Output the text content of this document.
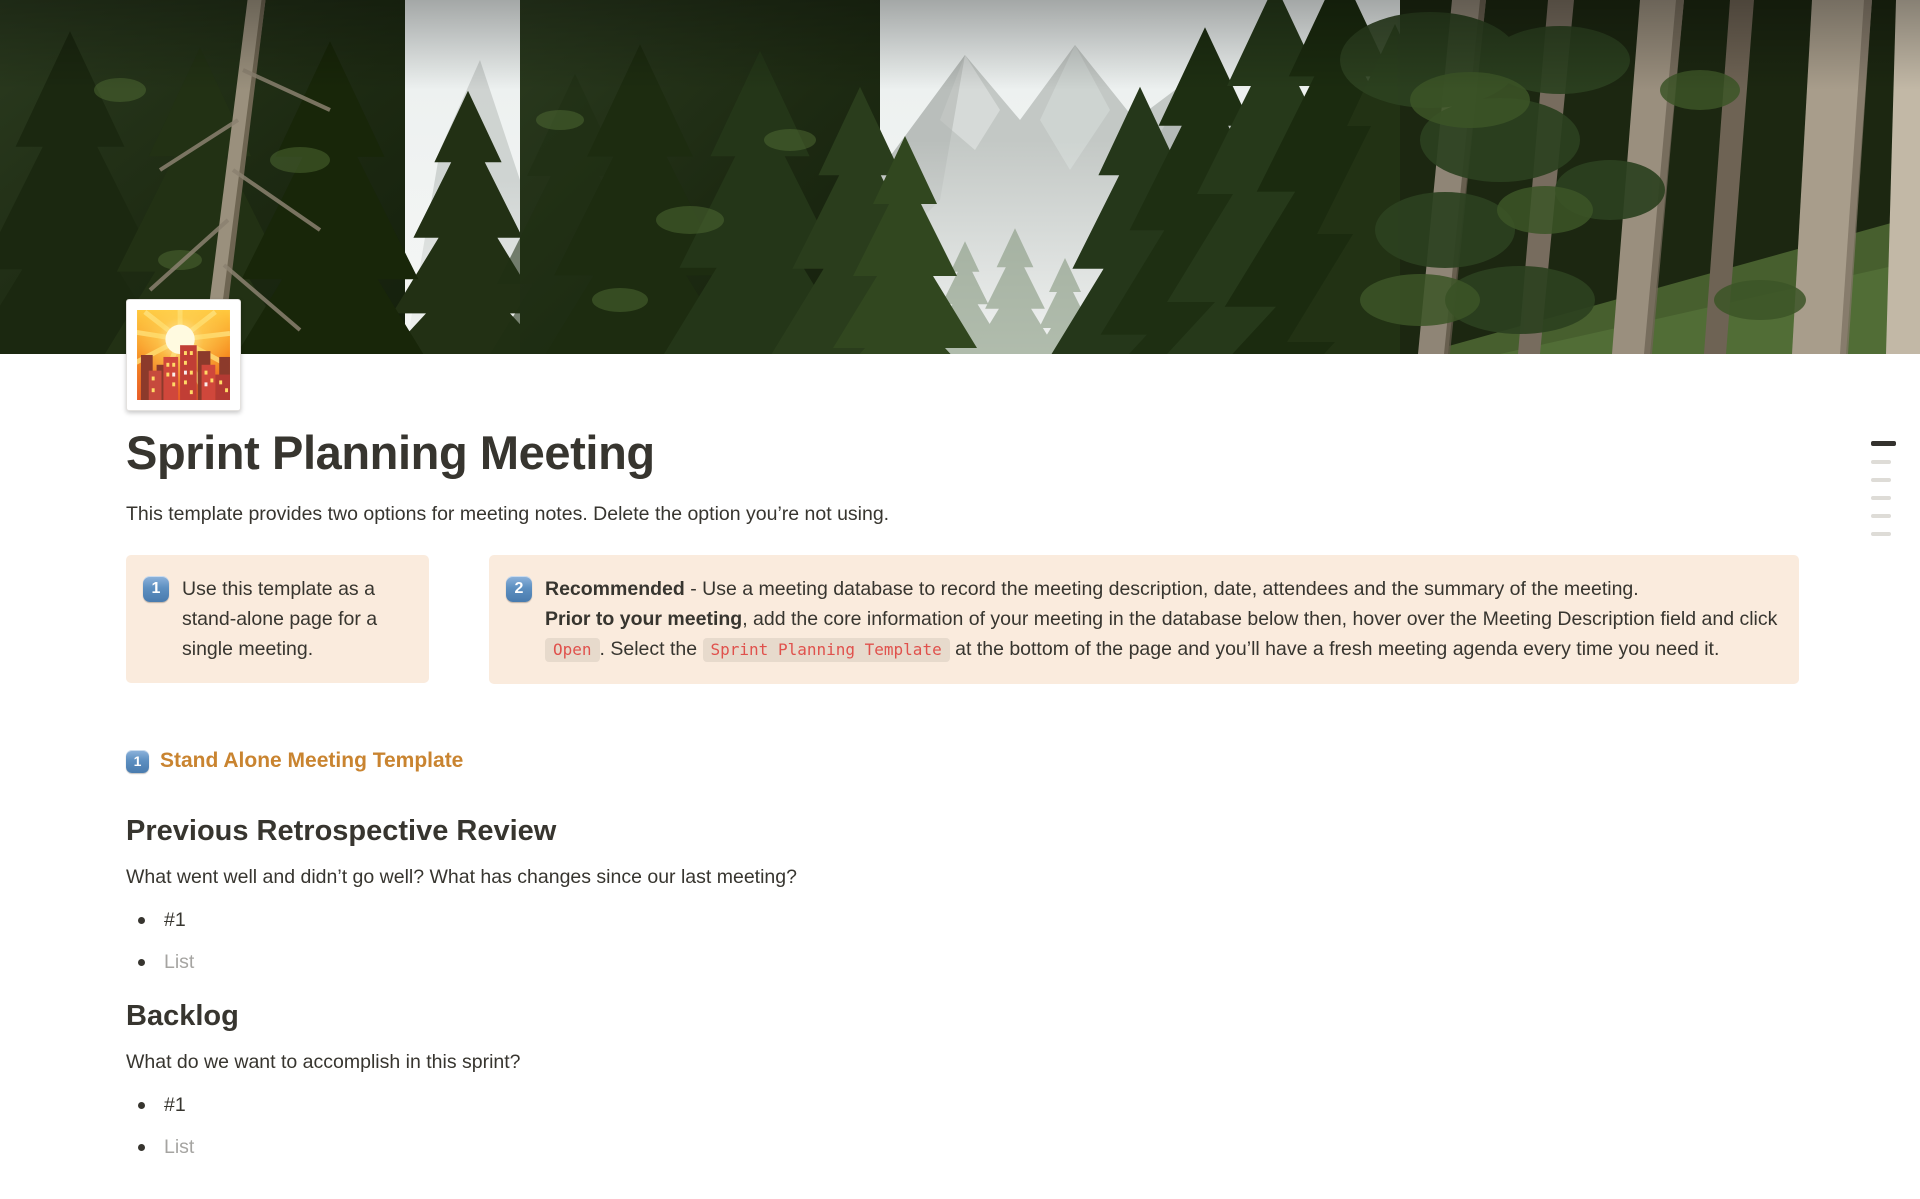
Sprint Planning Meeting

This template provides two options for meeting notes. Delete the option you’re not using.

1	Use this template as a stand-alone page for a single meeting.
2	Recommended - Use a meeting database to record the meeting description, date, attendees and the summary of the meeting.
Prior to your meeting, add the core information of your meeting in the database below then, hover over the Meeting Description field and click Open . Select the Sprint Planning Template at the bottom of the page and you’ll have a fresh meeting agenda every time you need it.
1 Stand Alone Meeting Template
Previous Retrospective Review

What went well and didn’t go well? What has changes since our last meeting?

#1
List
Backlog

What do we want to accomplish in this sprint?

#1
List
